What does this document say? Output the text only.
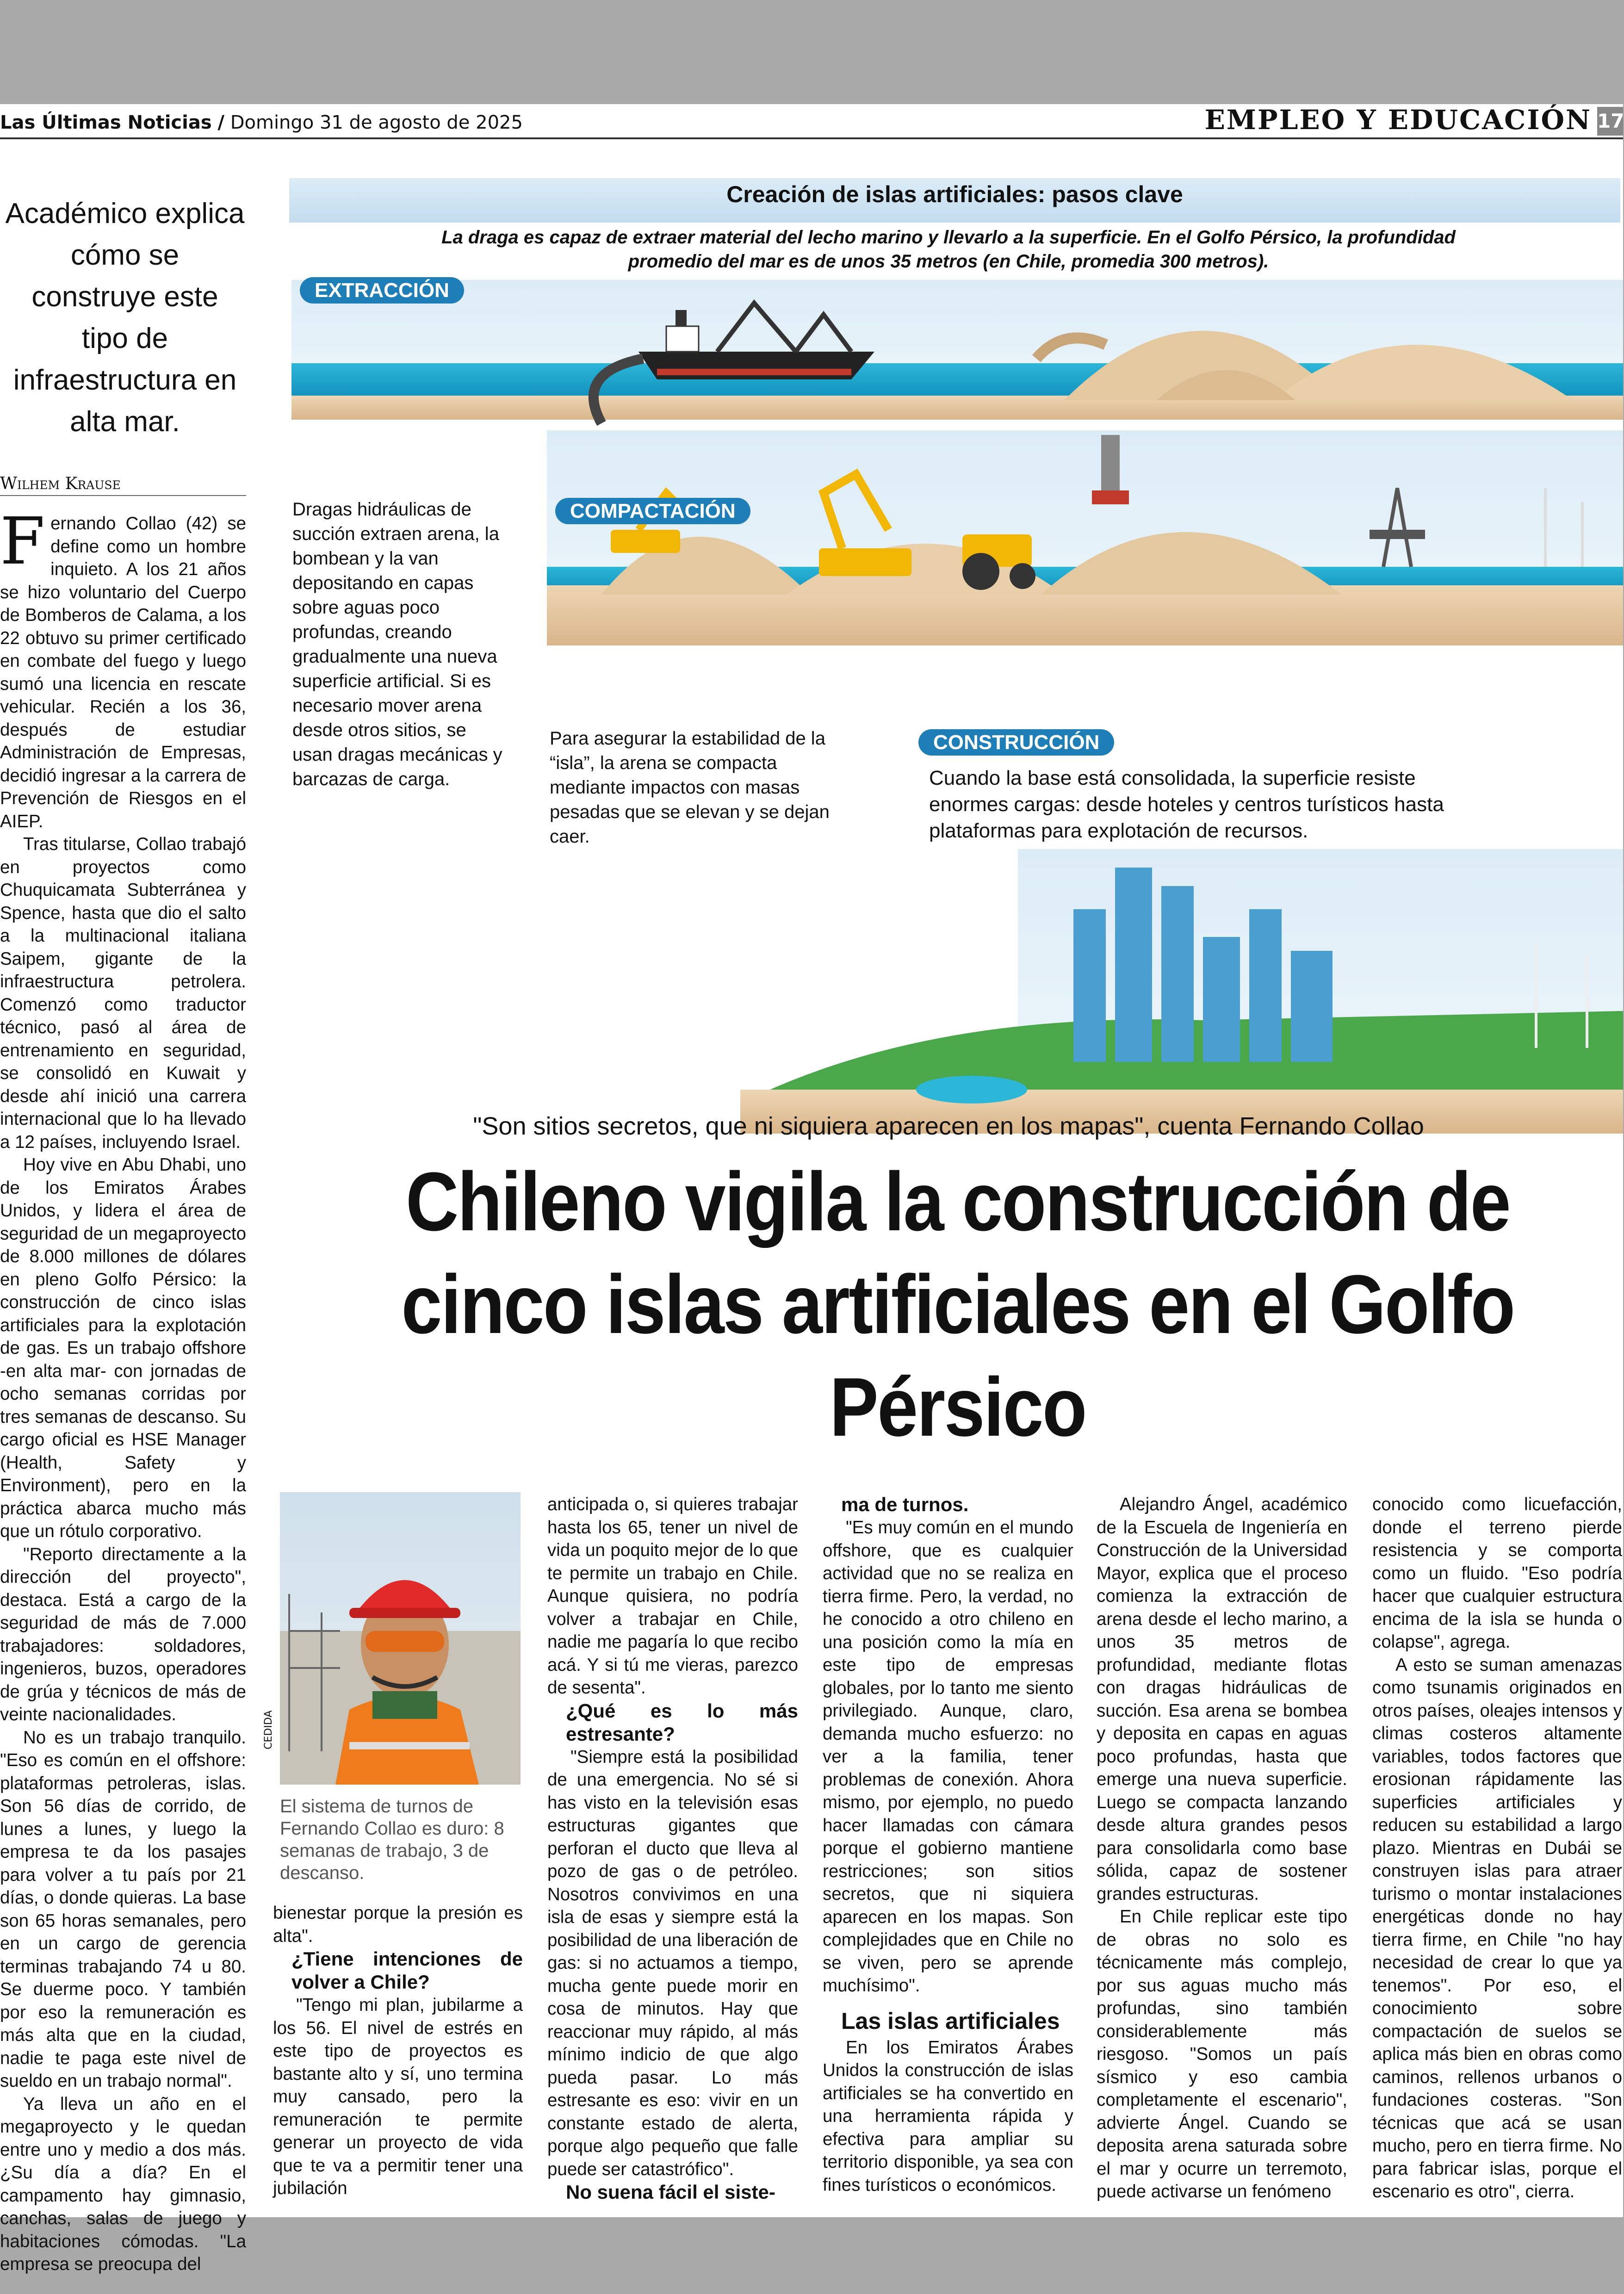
Las Últimas Noticias / Domingo 31 de agosto de 2025	EMPLEO Y EDUCACIÓN 17
Académico explica cómo se construye este tipo de infraestructura en alta mar.
Wilhem Krause

Fernando Collao (42) se define como un hombre inquieto. A los 21 años se hizo voluntario del Cuerpo de Bomberos de Calama, a los 22 obtuvo su primer certificado en combate del fuego y luego sumó una licencia en rescate vehicular. Recién a los 36, después de estudiar Administración de Empresas, decidió ingresar a la carrera de Prevención de Riesgos en el AIEP.

Tras titularse, Collao trabajó en proyectos como Chuquicamata Subterránea y Spence, hasta que dio el salto a la multinacional italiana Saipem, gigante de la infraestructura petrolera. Comenzó como traductor técnico, pasó al área de entrenamiento en seguridad, se consolidó en Kuwait y desde ahí inició una carrera internacional que lo ha llevado a 12 países, incluyendo Israel.

Hoy vive en Abu Dhabi, uno de los Emiratos Árabes Unidos, y lidera el área de seguridad de un megaproyecto de 8.000 millones de dólares en pleno Golfo Pérsico: la construcción de cinco islas artificiales para la explotación de gas. Es un trabajo offshore -en alta mar- con jornadas de ocho semanas corridas por tres semanas de descanso. Su cargo oficial es HSE Manager (Health, Safety y Environment), pero en la práctica abarca mucho más que un rótulo corporativo.

"Reporto directamente a la dirección del proyecto", destaca. Está a cargo de la seguridad de más de 7.000 trabajadores: soldadores, ingenieros, buzos, operadores de grúa y técnicos de más de veinte nacionalidades.

No es un trabajo tranquilo. "Eso es común en el offshore: plataformas petroleras, islas. Son 56 días de corrido, de lunes a lunes, y luego la empresa te da los pasajes para volver a tu país por 21 días, o donde quieras. La base son 65 horas semanales, pero en un cargo de gerencia terminas trabajando 74 u 80. Se duerme poco. Y también por eso la remuneración es más alta que en la ciudad, nadie te paga este nivel de sueldo en un trabajo normal".

Ya lleva un año en el megaproyecto y le quedan entre uno y medio a dos más. ¿Su día a día? En el campamento hay gimnasio, canchas, salas de juego y habitaciones cómodas. "La empresa se preocupa del

Creación de islas artificiales: pasos clave
La draga es capaz de extraer material del lecho marino y llevarlo a la superficie. En el Golfo Pérsico, la profundidad promedio del mar es de unos 35 metros (en Chile, promedia 300 metros).
EXTRACCIÓN
Dragas hidráulicas de succión extraen arena, la bombean y la van depositando en capas sobre aguas poco profundas, creando gradualmente una nueva superficie artificial. Si es necesario mover arena desde otros sitios, se usan dragas mecánicas y barcazas de carga.
COMPACTACIÓN
Para asegurar la estabilidad de la “isla”, la arena se compacta mediante impactos con masas pesadas que se elevan y se dejan caer.
CONSTRUCCIÓN
Cuando la base está consolidada, la superficie resiste enormes cargas: desde hoteles y centros turísticos hasta plataformas para explotación de recursos.
"Son sitios secretos, que ni siquiera aparecen en los mapas", cuenta Fernando Collao
Chileno vigila la construcción de cinco islas artificiales en el Golfo Pérsico
CEDIDA
El sistema de turnos de Fernando Collao es duro: 8 semanas de trabajo, 3 de descanso.

bienestar porque la presión es alta".

¿Tiene intenciones de volver a Chile?

"Tengo mi plan, jubilarme a los 56. El nivel de estrés en este tipo de proyectos es bastante alto y sí, uno termina muy cansado, pero la remuneración te permite generar un proyecto de vida que te va a permitir tener una jubilación

anticipada o, si quieres trabajar hasta los 65, tener un nivel de vida un poquito mejor de lo que te permite un trabajo en Chile. Aunque quisiera, no podría volver a trabajar en Chile, nadie me pagaría lo que recibo acá. Y si tú me vieras, parezco de sesenta".

¿Qué es lo más estresante?

"Siempre está la posibilidad de una emergencia. No sé si has visto en la televisión esas estructuras gigantes que perforan el ducto que lleva al pozo de gas o de petróleo. Nosotros convivimos en una isla de esas y siempre está la posibilidad de una liberación de gas: si no actuamos a tiempo, mucha gente puede morir en cosa de minutos. Hay que reaccionar muy rápido, al más mínimo indicio de que algo pueda pasar. Lo más estresante es eso: vivir en un constante estado de alerta, porque algo pequeño que falle puede ser catastrófico".

No suena fácil el siste-
ma de turnos.

"Es muy común en el mundo offshore, que es cualquier actividad que no se realiza en tierra firme. Pero, la verdad, no he conocido a otro chileno en una posición como la mía en este tipo de empresas globales, por lo tanto me siento privilegiado. Aunque, claro, demanda mucho esfuerzo: no ver a la familia, tener problemas de conexión. Ahora mismo, por ejemplo, no puedo hacer llamadas con cámara porque el gobierno mantiene restricciones; son sitios secretos, que ni siquiera aparecen en los mapas. Son complejidades que en Chile no se viven, pero se aprende muchísimo".

Las islas artificiales

En los Emiratos Árabes Unidos la construcción de islas artificiales se ha convertido en una herramienta rápida y efectiva para ampliar su territorio disponible, ya sea con fines turísticos o económicos.

Alejandro Ángel, académico de la Escuela de Ingeniería en Construcción de la Universidad Mayor, explica que el proceso comienza la extracción de arena desde el lecho marino, a unos 35 metros de profundidad, mediante flotas con dragas hidráulicas de succión. Esa arena se bombea y deposita en capas en aguas poco profundas, hasta que emerge una nueva superficie. Luego se compacta lanzando desde altura grandes pesos para consolidarla como base sólida, capaz de sostener grandes estructuras.

En Chile replicar este tipo de obras no solo es técnicamente más complejo, por sus aguas mucho más profundas, sino también considerablemente más riesgoso. "Somos un país sísmico y eso cambia completamente el escenario", advierte Ángel. Cuando se deposita arena saturada sobre el mar y ocurre un terremoto, puede activarse un fenómeno

conocido como licuefacción, donde el terreno pierde resistencia y se comporta como un fluido. "Eso podría hacer que cualquier estructura encima de la isla se hunda o colapse", agrega.

A esto se suman amenazas como tsunamis originados en otros países, oleajes intensos y climas costeros altamente variables, todos factores que erosionan rápidamente las superficies artificiales y reducen su estabilidad a largo plazo. Mientras en Dubái se construyen islas para atraer turismo o montar instalaciones energéticas donde no hay tierra firme, en Chile "no hay necesidad de crear lo que ya tenemos". Por eso, el conocimiento sobre compactación de suelos se aplica más bien en obras como caminos, rellenos urbanos o fundaciones costeras. "Son técnicas que acá se usan mucho, pero en tierra firme. No para fabricar islas, porque el escenario es otro", cierra.
